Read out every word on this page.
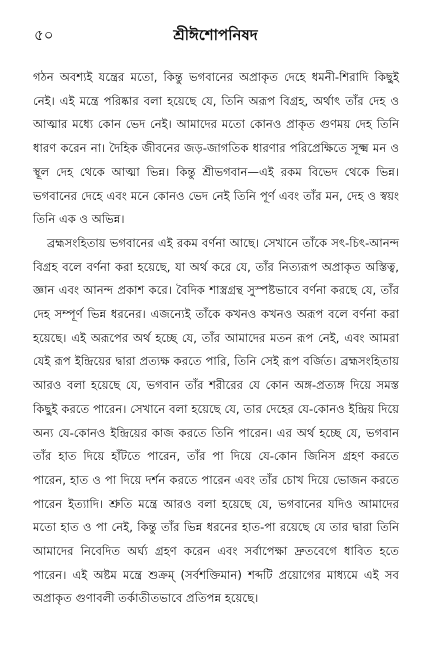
৫০	শ্রীঈশোপনিষদ

গঠন অবশ্যই যন্ত্রের মতো, কিন্তু ভগবানের অপ্রাকৃত দেহে ধমনী-শিরাদি কিছুই নেই। এই মন্ত্রে পরিষ্কার বলা হয়েছে যে, তিনি অরূপ বিগ্রহ, অর্থাৎ তাঁর দেহ ও আত্মার মধ্যে কোন ভেদ নেই। আমাদের মতো কোনও প্রাকৃত গুণময় দেহ তিনি ধারণ করেন না। দৈহিক জীবনের জড়-জাগতিক ধারণার পরিপ্রেক্ষিতে সূক্ষ্ম মন ও স্থূল দেহ থেকে আত্মা ভিন্ন। কিন্তু শ্রীভগবান—এই রকম বিভেদ থেকে ভিন্ন। ভগবানের দেহে এবং মনে কোনও ভেদ নেই তিনি পূর্ণ এবং তাঁর মন, দেহ ও স্বয়ং তিনি এক ও অভিন্ন।

ব্রহ্মসংহিতায় ভগবানের এই রকম বর্ণনা আছে। সেখানে তাঁকে সৎ-চিৎ-আনন্দ বিগ্রহ বলে বর্ণনা করা হয়েছে, যা অর্থ করে যে, তাঁর নিত্যরূপ অপ্রাকৃত অস্তিত্ব, জ্ঞান এবং আনন্দ প্রকাশ করে। বৈদিক শাস্ত্রগ্রন্থ সুস্পষ্টভাবে বর্ণনা করছে যে, তাঁর দেহ সম্পূর্ণ ভিন্ন ধরনের। এজন্যেই তাঁকে কখনও কখনও অরূপ বলে বর্ণনা করা হয়েছে। এই অরূপের অর্থ হচ্ছে যে, তাঁর আমাদের মতন রূপ নেই, এবং আমরা যেই রূপ ইন্দ্রিয়ের দ্বারা প্রত্যক্ষ করতে পারি, তিনি সেই রূপ বর্জিত। ব্রহ্মসংহিতায় আরও বলা হয়েছে যে, ভগবান তাঁর শরীরের যে কোন অঙ্গ-প্রত্যঙ্গ দিয়ে সমস্ত কিছুই করতে পারেন। সেখানে বলা হয়েছে যে, তার দেহের যে-কোনও ইন্দ্রিয় দিয়ে অন্য যে-কোনও ইন্দ্রিয়ের কাজ করতে তিনি পারেন। এর অর্থ হচ্ছে যে, ভগবান তাঁর হাত দিয়ে হাঁটতে পারেন, তাঁর পা দিয়ে যে-কোন জিনিস গ্রহণ করতে পারেন, হাত ও পা দিয়ে দর্শন করতে পারেন এবং তাঁর চোখ দিয়ে ভোজন করতে পারেন ইত্যাদি। শ্রুতি মন্ত্রে আরও বলা হয়েছে যে, ভগবানের যদিও আমাদের মতো হাত ও পা নেই, কিন্তু তাঁর ভিন্ন ধরনের হাত-পা রয়েছে যে তার দ্বারা তিনি আমাদের নিবেদিত অর্ঘ্য গ্রহণ করেন এবং সর্বাপেক্ষা দ্রুতবেগে ধাবিত হতে পারেন। এই অষ্টম মন্ত্রে শুক্রম্ (সর্বশক্তিমান) শব্দটি প্রয়োগের মাধ্যমে এই সব অপ্রাকৃত গুণাবলী তর্কাতীতভাবে প্রতিপন্ন হয়েছে।
